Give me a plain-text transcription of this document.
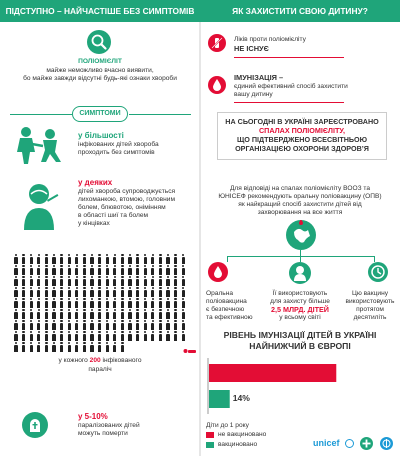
ПІДСТУПНО – НАЙЧАСТІШЕ БЕЗ СИМПТОМІВ	ЯК ЗАХИСТИТИ СВОЮ ДИТИНУ?
ПОЛІОМІЄЛІТ
майже неможливо вчасно виявити,
бо майже завжди відсутні будь-які ознаки хвороби
СИМПТОМИ
у більшості
інфікованих дітей хвороба
проходить без симптомів
у деяких
дітей хвороба супроводжується
лихоманкою, втомою, головним
болем, блювотою, онімінням
в області шиї та болем
у кінцівках
у кожного 200 інфікованого
параліч
у 5-10%
паралізованих дітей
можуть померти
Ліків проти поліомієліту
НЕ ІСНУЄ
ІМУНІЗАЦІЯ –
єдиний ефективний спосіб захистити
вашу дитину
НА СЬОГОДНІ В УКРАЇНІ ЗАРЕЄСТРОВАНО
СПАЛАХ ПОЛІОМІЄЛІТУ,
ЩО ПІДТВЕРДЖЕНО ВСЕСВІТНЬОЮ
ОРГАНІЗАЦІЄЮ ОХОРОНИ ЗДОРОВ’Я
Для відповіді на спалах поліомієліту ВООЗ та
ЮНІСЕФ рекомендують оральну поліовакцину (ОПВ)
як найкращий спосіб захистити дітей від
захворювання на все життя
Оральна
поліовакцина
є безпечною
та ефективною
Її використовують
для захисту більше
2,5 МЛРД. ДІТЕЙ
у всьому світі
Цю вакцину
використовують
протягом
десятиліть
РІВЕНЬ ІМУНІЗАЦІЇ ДІТЕЙ В УКРАЇНІ
НАЙНИЖЧИЙ В ЄВРОПІ
14%
Діти до 1 року
не вакциновано
вакциновано	unicef
